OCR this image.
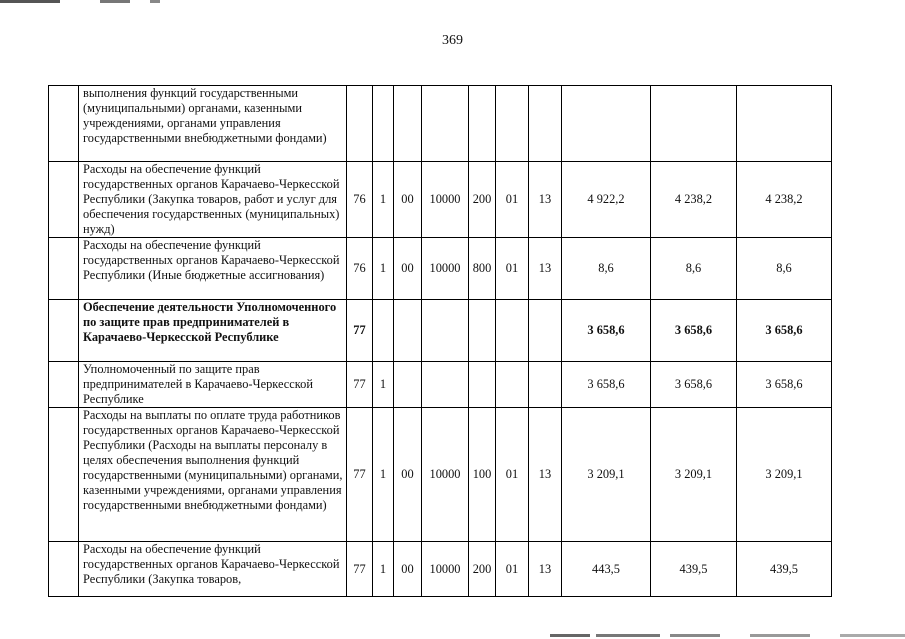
369
	выполнения функций государственными (муниципальными) органами, казенными учреждениями, органами управления государственными внебюджетными фондами)										
	Расходы на обеспечение функций государственных органов Карачаево-Черкесской Республики (Закупка товаров, работ и услуг для обеспечения государственных (муниципальных) нужд)	76	1	00	10000	200	01	13	4 922,2	4 238,2	4 238,2
	Расходы на обеспечение функций государственных органов Карачаево-Черкесской Республики (Иные бюджетные ассигнования)	76	1	00	10000	800	01	13	8,6	8,6	8,6
	Обеспечение деятельности Уполномоченного по защите прав предпринимателей в Карачаево-Черкесской Республике	77							3 658,6	3 658,6	3 658,6
	Уполномоченный по защите прав предпринимателей в Карачаево-Черкесской Республике	77	1						3 658,6	3 658,6	3 658,6
	Расходы на выплаты по оплате труда работников государственных органов Карачаево-Черкесской Республики (Расходы на выплаты персоналу в целях обеспечения выполнения функций государственными (муниципальными) органами, казенными учреждениями, органами управления государственными внебюджетными фондами)	77	1	00	10000	100	01	13	3 209,1	3 209,1	3 209,1
	Расходы на обеспечение функций государственных органов Карачаево-Черкесской Республики (Закупка товаров,	77	1	00	10000	200	01	13	443,5	439,5	439,5
